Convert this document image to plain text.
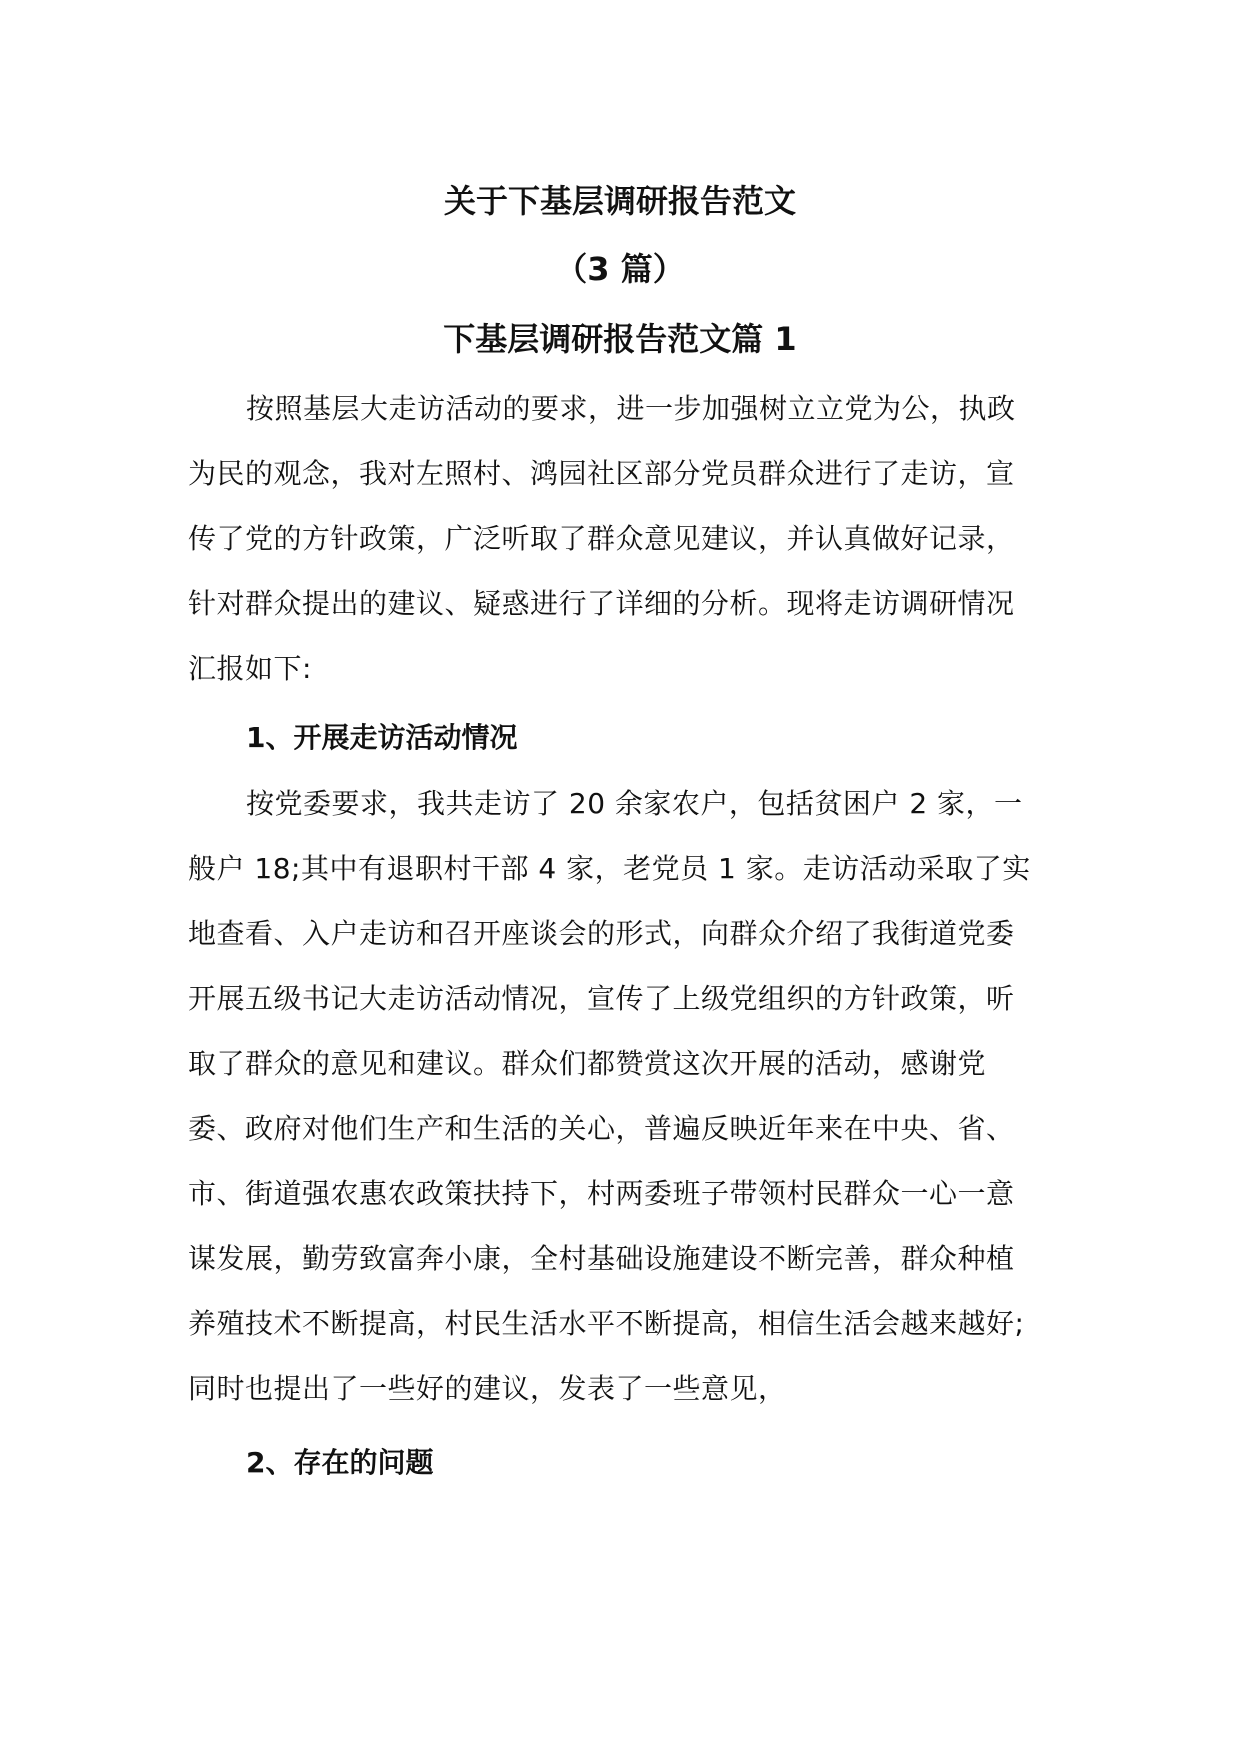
关于下基层调研报告范文
（3 篇）
下基层调研报告范文篇 1
按照基层大走访活动的要求，进一步加强树立立党为公，执政
为民的观念，我对左照村、鸿园社区部分党员群众进行了走访，宣
传了党的方针政策，广泛听取了群众意见建议，并认真做好记录，
针对群众提出的建议、疑惑进行了详细的分析。现将走访调研情况
汇报如下:
1、开展走访活动情况
按党委要求，我共走访了 20 余家农户，包括贫困户 2 家，一
般户 18;其中有退职村干部 4 家，老党员 1 家。走访活动采取了实
地查看、入户走访和召开座谈会的形式，向群众介绍了我街道党委
开展五级书记大走访活动情况，宣传了上级党组织的方针政策，听
取了群众的意见和建议。群众们都赞赏这次开展的活动，感谢党
委、政府对他们生产和生活的关心，普遍反映近年来在中央、省、
市、街道强农惠农政策扶持下，村两委班子带领村民群众一心一意
谋发展，勤劳致富奔小康，全村基础设施建设不断完善，群众种植
养殖技术不断提高，村民生活水平不断提高，相信生活会越来越好;
同时也提出了一些好的建议，发表了一些意见，
2、存在的问题
